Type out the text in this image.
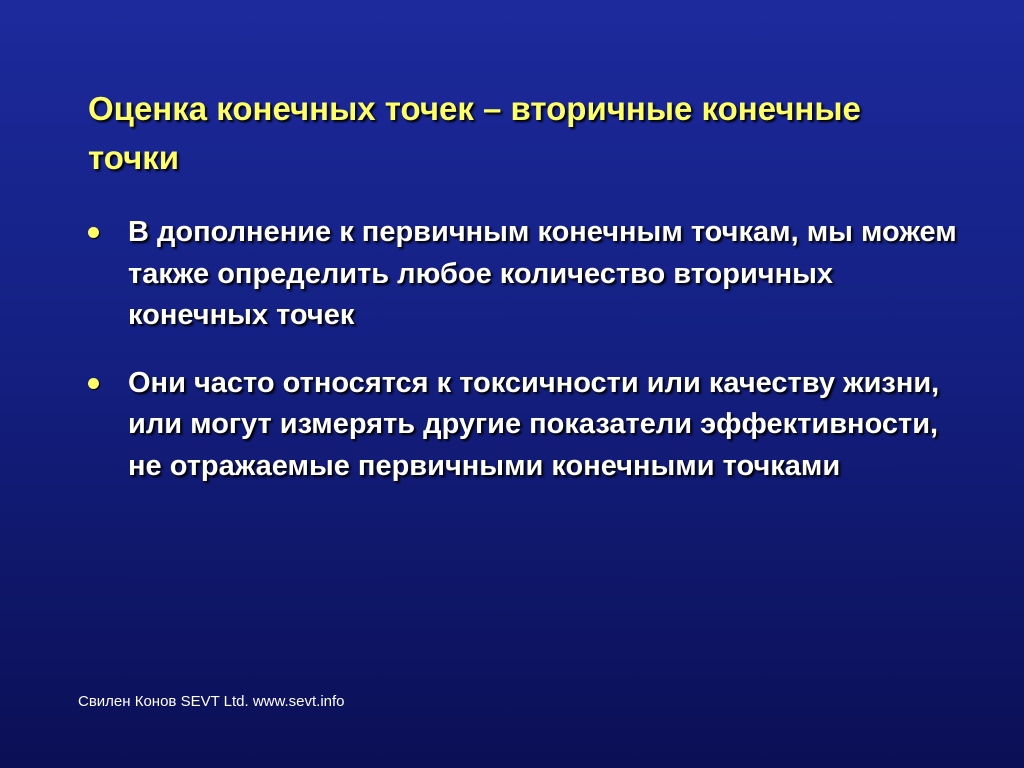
Оценка конечных точек – вторичные конечные точки
В дополнение к первичным конечным точкам, мы можем также определить любое количество вторичных конечных точек
Они часто относятся к токсичности или качеству жизни, или могут измерять другие показатели эффективности, не отражаемые первичными конечными точками
Свилен Конов SEVT Ltd. www.sevt.info
